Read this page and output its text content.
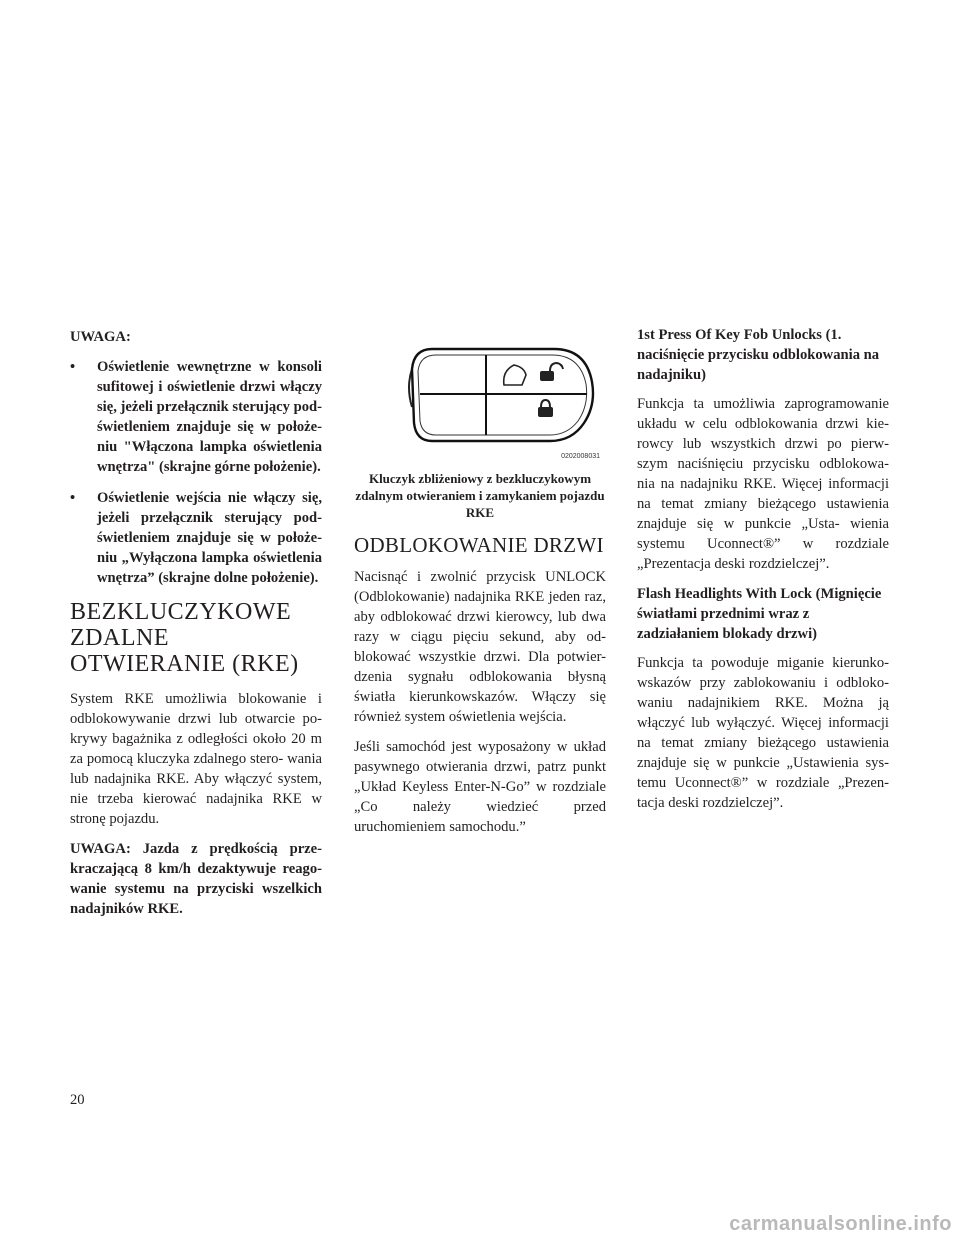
UWAGA:

• Oświetlenie wewnętrzne w konsoli sufitowej i oświetlenie drzwi włączy się, jeżeli przełącznik sterujący pod- świetleniem znajduje się w położe- niu "Włączona lampka oświetlenia wnętrza" (skrajne górne położenie).
• Oświetlenie wejścia nie włączy się, jeżeli przełącznik sterujący pod- świetleniem znajduje się w położe- niu „Wyłączona lampka oświetlenia wnętrza” (skrajne dolne położenie).
BEZKLUCZYKOWE ZDALNE OTWIERANIE (RKE)

System RKE umożliwia blokowanie i odblokowywanie drzwi lub otwarcie po- krywy bagażnika z odległości około 20 m za pomocą kluczyka zdalnego stero- wania lub nadajnika RKE. Aby włączyć system, nie trzeba kierować nadajnika RKE w stronę pojazdu.

UWAGA: Jazda z prędkością prze- kraczającą 8 km/h dezaktywuje reago- wanie systemu na przyciski wszelkich nadajników RKE.

0202008031

Kluczyk zbliżeniowy z bezkluczykowym zdalnym otwieraniem i zamykaniem pojazdu RKE

ODBLOKOWANIE DRZWI

Nacisnąć i zwolnić przycisk UNLOCK (Odblokowanie) nadajnika RKE jeden raz, aby odblokować drzwi kierowcy, lub dwa razy w ciągu pięciu sekund, aby od- blokować wszystkie drzwi. Dla potwier- dzenia sygnału odblokowania błysną światła kierunkowskazów. Włączy się również system oświetlenia wejścia.

Jeśli samochód jest wyposażony w układ pasywnego otwierania drzwi, patrz punkt „Układ Keyless Enter-N-Go” w rozdziale „Co należy wiedzieć przed uruchomieniem samochodu.”

1st Press Of Key Fob Unlocks (1. naciśnięcie przycisku odblokowania na nadajniku)

Funkcja ta umożliwia zaprogramowanie układu w celu odblokowania drzwi kie- rowcy lub wszystkich drzwi po pierw- szym naciśnięciu przycisku odblokowa- nia na nadajniku RKE. Więcej informacji na temat zmiany bieżącego ustawienia znajduje się w punkcie „Usta- wienia systemu Uconnect®” w rozdziale „Prezentacja deski rozdzielczej”.

Flash Headlights With Lock (Mignięcie światłami przednimi wraz z zadziałaniem blokady drzwi)

Funkcja ta powoduje miganie kierunko- wskazów przy zablokowaniu i odbloko- waniu nadajnikiem RKE. Można ją włączyć lub wyłączyć. Więcej informacji na temat zmiany bieżącego ustawienia znajduje się w punkcie „Ustawienia sys- temu Uconnect®” w rozdziale „Prezen- tacja deski rozdzielczej”.

20
carmanualsonline.info
